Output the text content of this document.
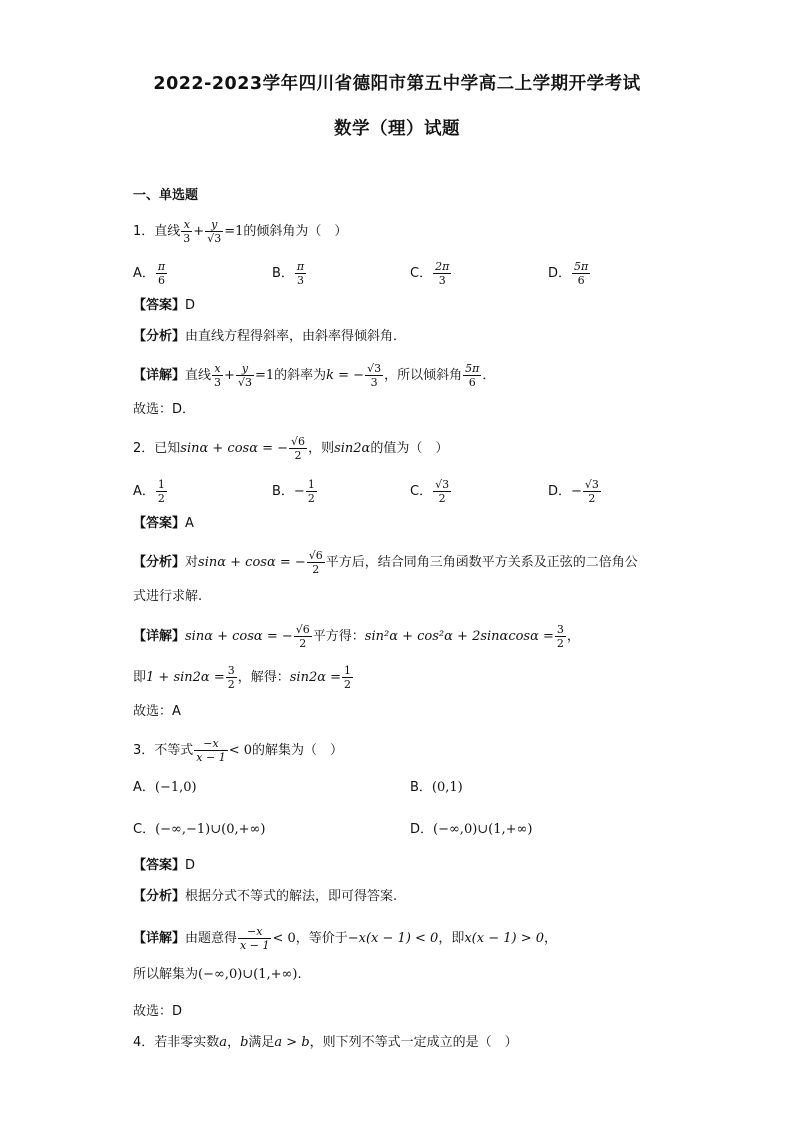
2022-2023学年四川省德阳市第五中学高二上学期开学考试
数学（理）试题
一、单选题
1．直线 $\frac{x}{3} + \frac{y}{√3} =1$的倾斜角为（　）
A． $\frac{\pi}{6}$	B． $\frac{\pi}{3}$	C． $\frac{2\pi}{3}$	D． $\frac{5\pi}{6}$
【答案】D
【分析】由直线方程得斜率，由斜率得倾斜角．
【详解】直线 $\frac{x}{3} + \frac{y}{√3} =1$的斜率为k = − $\frac{√3}{3}$ ，所以倾斜角 $\frac{5\pi}{6}$ ．
故选：D．
2．已知sinα + cosα = − $\frac{√6}{2}$ ，则sin2α的值为（　）
A． $\frac{1}{2}$	B．− $\frac{1}{2}$	C． $\frac{√3}{2}$	D．− $\frac{√3}{2}$
【答案】A
【分析】对sinα + cosα = − $\frac{√6}{2}$ 平方后，结合同角三角函数平方关系及正弦的二倍角公
式进行求解.
【详解】sinα + cosα = − $\frac{√6}{2}$ 平方得：$\sin^2\alpha + \cos^2\alpha + 2\sin\alpha\cos\alpha = \frac{3}{2}$ ，
即$1 + \sin 2\alpha = \frac{3}{2}$ ，解得：$\sin 2\alpha = \frac{1}{2}$
故选：A
3．不等式 $\frac{-x}{x - 1} < 0$的解集为（　）
A．(−1,0)	B．(0,1)
C．(−∞,−1)∪(0,+∞)	D．(−∞,0)∪(1,+∞)
【答案】D
【分析】根据分式不等式的解法，即可得答案.
【详解】由题意得 $\frac{-x}{x - 1} < 0$，等价于−x(x − 1) < 0，即x(x − 1) > 0，
所以解集为(−∞,0)∪(1,+∞).
故选：D
4．若非零实数a，b满足a > b，则下列不等式一定成立的是（　）
